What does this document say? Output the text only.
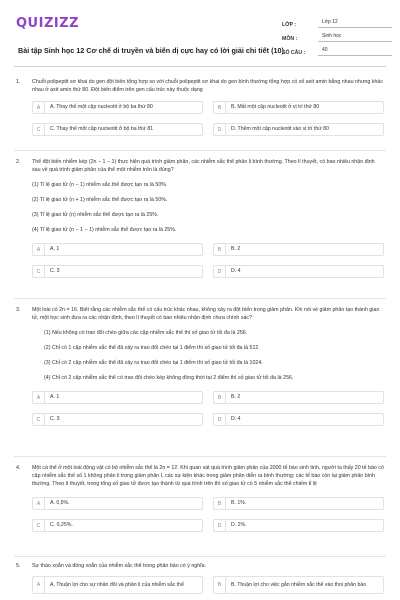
QUIZIZZ
Bài tập Sinh học 12 Cơ chế di truyền và biến dị cực hay có lời giải chi tiết (10)
LỚP :	Lớp 12
MÔN :	Sinh học
SỐ CÂU :	40
1. Chuỗi polipeptit sơ khai do gen đột biến tổng hợp so với chuỗi polipeptit sơ khai do gen bình thường tổng hợp có số axit amin bằng nhau nhưng khác nhau ở axit amin thứ 80. Đột biến điểm trên gen cấu trúc này thuộc dạng
A	A. Thay thế một cặp nucleotit ở bộ ba thứ 80	B	B. Mất một cặp nucleotit ở vị trí thứ 80
C	C. Thay thế một cặp nucleotit ở bộ ba thứ 81	D	D. Thêm một cặp nucleotit vào vị trí thứ 80
2. Thể đột biến nhiễm kép (2n − 1 − 1) thực hiện quá trình giảm phân, các nhiễm sắc thể phân li bình thường. Theo lí thuyết, có bao nhiêu nhận định sau về quá trình giảm phân của thể một nhiễm trên là đúng?
(1) Tỉ lệ giao tử (n − 1) nhiễm sắc thể được tạo ra là 50%.
(2) Tỉ lệ giao tử (n + 1) nhiễm sắc thể được tạo ra là 50%.
(3) Tỉ lệ giao tử (n) nhiễm sắc thể được tạo ra là 25%.
(4) Tỉ lệ giao tử (n − 1 − 1) nhiễm sắc thể được tạo ra là 25%.
A	A. 1	B	B. 2
C	C. 3	D	D. 4
3. Một loài có 2n = 16. Biết rằng các nhiễm sắc thể có cấu trúc khác nhau, không xảy ra đột biến trong giảm phân. Khi nói về giảm phân tạo thành giao tử, một học sinh đưa ra các nhận định, theo lí thuyết có bao nhiêu nhận định chưa chính xác?
(1) Nếu không có trao đổi chéo giữa các cặp nhiễm sắc thể thì số giao tử tối đa là 256.
(2) Chỉ có 1 cặp nhiễm sắc thể đã xảy ra trao đổi chéo tại 1 điểm thì số giao tử tối đa là 512.
(3) Chỉ có 2 cặp nhiễm sắc thể đã xảy ra trao đổi chéo tại 1 điểm thì số giao tử tối đa là 1024.
(4) Chỉ có 2 cặp nhiễm sắc thể có trao đổi chéo kép không đồng thời tại 2 điểm thì số giao tử tối đa là 256.
A	A. 1	B	B. 2
C	C. 3	D	D. 4
4. Một cá thể ở một loài động vật có bộ nhiễm sắc thể là 2n = 12. Khi quan sát quá trình giảm phân của 2000 tế bào sinh tinh, người ta thấy 20 tế bào có cặp nhiễm sắc thể số 1 không phân li trong giảm phân I, các sự kiện khác trong giảm phân diễn ra bình thường; các tế bào còn lại giảm phân bình thường. Theo lí thuyết, trong tổng số giao tử được tạo thành từ quá trình trên thì số giao tử có 5 nhiễm sắc thể chiếm tỉ lệ
A	A. 0,5%.	B	B. 1%.
C	C. 0,25%.	D	D. 2%.
5. Sự tháo xoắn và đóng xoắn của nhiễm sắc thể trong phân bào có ý nghĩa:
A	A. Thuận lợi cho sự nhân đôi và phân li của nhiễm sắc thể	B	B. Thuận lợi cho việc gắn nhiễm sắc thể vào thoi phân bào
